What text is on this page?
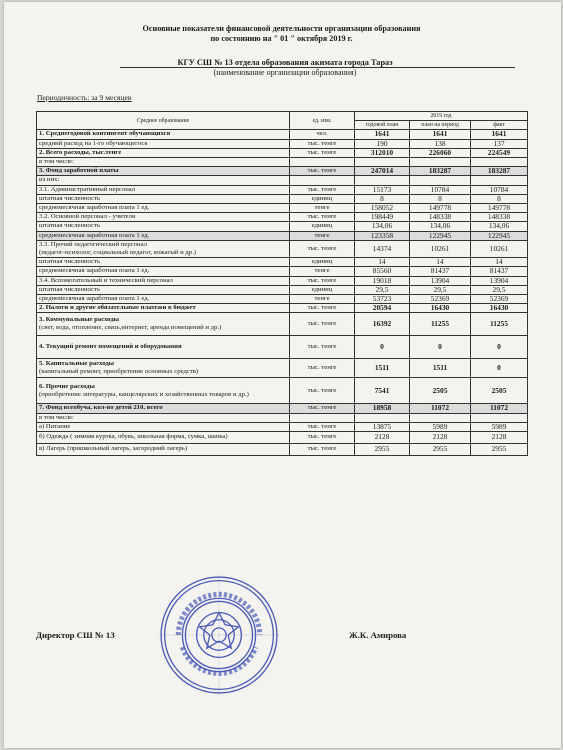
Основные показатели финансовой деятельности организации образования
по состоянию на " 01 " октября 2019 г.
КГУ СШ № 13 отдела образования акимата города Тараз
(наименование организации образования)
Периодичность: за 9 месяцев
Среднее образование	ед. изм.	2019 год		
		годовой план	план на период	факт
1. Среднегодовой контингент обучающихся	чел.	1641	1641	1641
средний расход на 1-го обучающегося	тыс. тенге	190	138	137
2. Всего расходы, тыс.тенге	тыс. тенге	312010	226060	224549
в том числе:				
3. Фонд заработной платы	тыс. тенге	247014	183287	183287
из них:				
3.1. Административный персонал	тыс. тенге	15173	10784	10784
штатная численность	единиц	8	8	8
среднемесячная заработная плата 1 ед.	тенге	158052	149778	149778
3.2. Основной персонал - учителя	тыс. тенге	198449	148338	148338
штатная численность	единиц	134,06	134,06	134,06
среднемесячная заработная плата 1 ед.	тенге	123358	122945	122945
3.3. Прочий педагогический персонал
(педагог-психолог, социальный педагог, вожатый и др.)	тыс. тенге	14374	10261	10261
штатная численность	единиц	14	14	14
среднемесячная заработная плата 1 ед.	тенге	85560	81437	81437
3.4. Вспомогательный и технический персонал	тыс. тенге	19018	13904	13904
штатная численность	единиц	29,5	29,5	29,5
среднемесячная заработная плата 1 ед.	тенге	53723	52369	52369
2. Налоги и другие обязательные платежи в бюджет	тыс. тенге	20594	16430	16430
3. Коммунальные расходы
(свет, вода, отопление, связь,интернет, аренда помещений и др.)	тыс. тенге	16392	11255	11255
4. Текущий ремонт помещений и оборудования	тыс. тенге	0	0	0
5. Капитальные расходы
(капитальный ремонт, приобретение основных средств)	тыс. тенге	1511	1511	0
6. Прочие расходы
(приобретение литературы, канцелярских и хозяйственных товаров и др.)	тыс. тенге	7541	2505	2505
7. Фонд всеобуча, кол-во детей 210, всего	тыс. тенге	18958	11072	11072
в том числе:				
а) Питание	тыс. тенге	13875	5989	5989
б) Одежда ( зимняя куртка, обувь, школьная форма, сумка, шапка)	тыс. тенге	2128	2128	2128
в) Лагерь (пришкольный лагерь, загородний лагерь)	тыс. тенге	2955	2955	2955
Директор СШ № 13	Ж.К. Амирова
